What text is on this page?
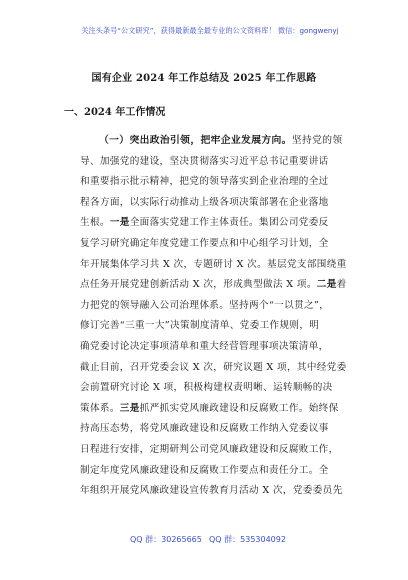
关注头条号“公文研究”，获得最新最全最专业的公文资料库！ 微信：gongwenyj
国有企业 2024 年工作总结及 2025 年工作思路
一、2024 年工作情况
（一）突出政治引领，把牢企业发展方向。坚持党的领
导、加强党的建设，坚决贯彻落实习近平总书记重要讲话
和重要指示批示精神，把党的领导落实到企业治理的全过
程各方面，以实际行动推动上级各项决策部署在企业落地
生根。一是全面落实党建工作主体责任。集团公司党委反
复学习研究确定年度党建工作要点和中心组学习计划，全
年开展集体学习共 X 次，专题研讨 X 次。基层党支部围绕重
点任务开展党建创新活动 X 次，形成典型做法 X 项。二是着
力把党的领导融入公司治理体系。坚持两个“一以贯之”，
修订完善“三重一大”决策制度清单、党委工作规则，明
确党委讨论决定事项清单和重大经营管理事项决策清单，
截止目前，召开党委会议 X 次，研究议题 X 项，其中经党委
会前置研究讨论 X 项，积极构建权责明晰、运转顺畅的决
策体系。三是抓严抓实党风廉政建设和反腐败工作。始终保
持高压态势，将党风廉政建设和反腐败工作纳入党委议事
日程进行安排，定期研判公司党风廉政建设和反腐败工作，
制定年度党风廉政建设和反腐败工作要点和责任分工。全
年组织开展党风廉政建设宣传教育月活动 X 次，党委委员先
QQ 群：30265665 QQ 群：535304092
